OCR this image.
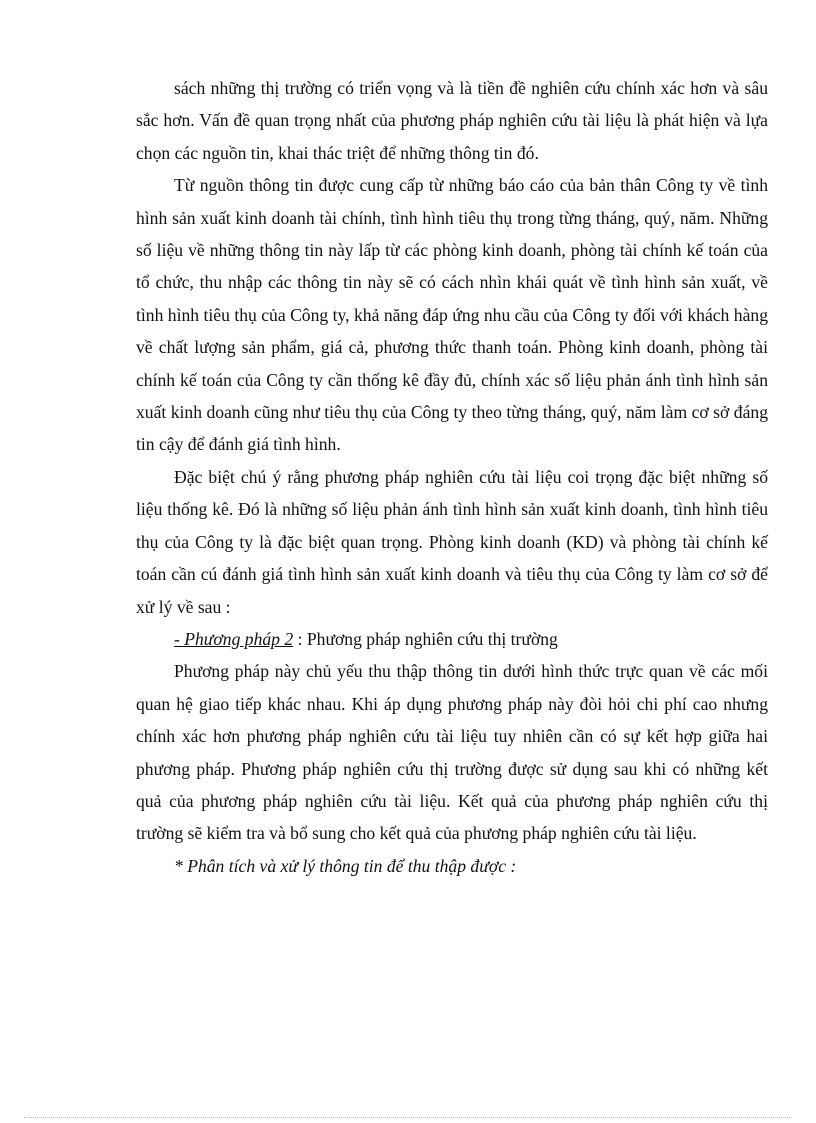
sách những thị trường có triển vọng và là tiền đề nghiên cứu chính xác hơn và sâu sắc hơn. Vấn đề quan trọng nhất của phương pháp nghiên cứu tài liệu là phát hiện và lựa chọn các nguồn tin, khai thác triệt để những thông tin đó.

Từ nguồn thông tin được cung cấp từ những báo cáo của bản thân Công ty về tình hình sản xuất kinh doanh tài chính, tình hình tiêu thụ trong từng tháng, quý, năm. Những số liệu về những thông tin này lấp từ các phòng kinh doanh, phòng tài chính kế toán của tổ chức, thu nhập các thông tin này sẽ có cách nhìn khái quát về tình hình sản xuất, về tình hình tiêu thụ của Công ty, khả năng đáp ứng nhu cầu của Công ty đối với khách hàng về chất lượng sản phẩm, giá cả, phương thức thanh toán. Phòng kinh doanh, phòng tài chính kế toán của Công ty cần thống kê đầy đủ, chính xác số liệu phản ánh tình hình sản xuất kinh doanh cũng như tiêu thụ của Công ty theo từng tháng, quý, năm làm cơ sở đáng tin cậy để đánh giá tình hình.

Đặc biệt chú ý rằng phương pháp nghiên cứu tài liệu coi trọng đặc biệt những số liệu thống kê. Đó là những số liệu phản ánh tình hình sản xuất kinh doanh, tình hình tiêu thụ của Công ty là đặc biệt quan trọng. Phòng kinh doanh (KD) và phòng tài chính kế toán cần cú đánh giá tình hình sản xuất kinh doanh và tiêu thụ của Công ty làm cơ sở để xử lý về sau :

- Phương pháp 2 : Phương pháp nghiên cứu thị trường

Phương pháp này chủ yếu thu thập thông tin dưới hình thức trực quan về các mối quan hệ giao tiếp khác nhau. Khi áp dụng phương pháp này đòi hỏi chi phí cao nhưng chính xác hơn phương pháp nghiên cứu tài liệu tuy nhiên cần có sự kết hợp giữa hai phương pháp. Phương pháp nghiên cứu thị trường được sử dụng sau khi có những kết quả của phương pháp nghiên cứu tài liệu. Kết quả của phương pháp nghiên cứu thị trường sẽ kiểm tra và bổ sung cho kết quả của phương pháp nghiên cứu tài liệu.

* Phân tích và xử lý thông tin để thu thập được :
